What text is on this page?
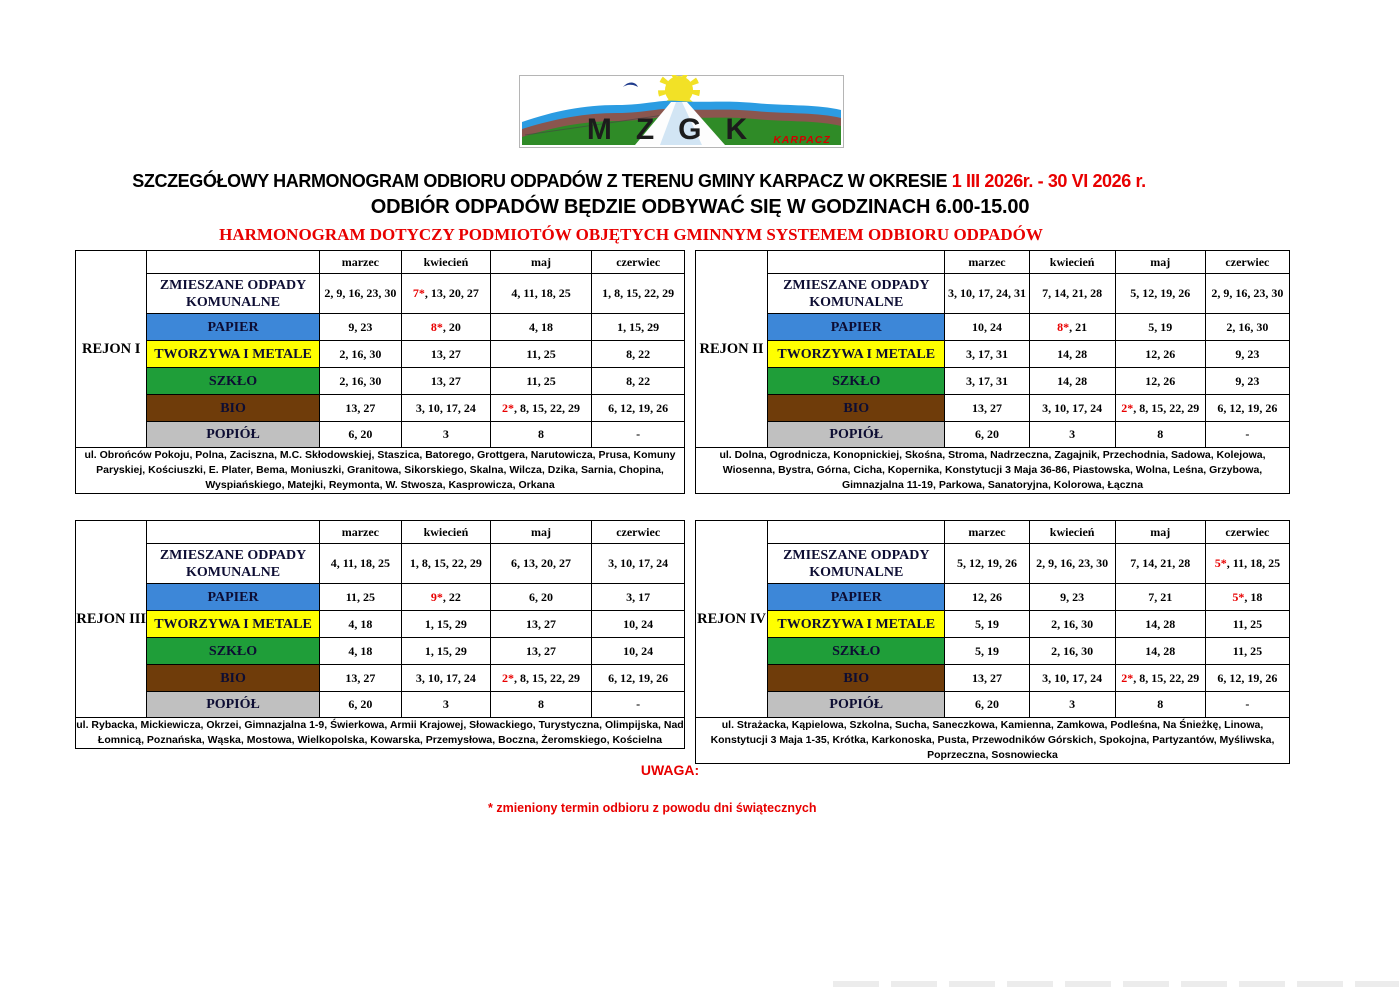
MZGK KARPACZ
SZCZEGÓŁOWY HARMONOGRAM ODBIORU ODPADÓW Z TERENU GMINY KARPACZ W OKRESIE 1 III 2026r. - 30 VI 2026 r.
ODBIÓR ODPADÓW BĘDZIE ODBYWAĆ SIĘ W GODZINACH 6.00-15.00
HARMONOGRAM DOTYCZY PODMIOTÓW OBJĘTYCH GMINNYM SYSTEMEM ODBIORU ODPADÓW
REJON I		marzec	kwiecień	maj	czerwiec
	ZMIESZANE ODPADY KOMUNALNE	2, 9, 16, 23, 30	7*, 13, 20, 27	4, 11, 18, 25	1, 8, 15, 22, 29
	PAPIER	9, 23	8*, 20	4, 18	1, 15, 29
	TWORZYWA I METALE	2, 16, 30	13, 27	11, 25	8, 22
	SZKŁO	2, 16, 30	13, 27	11, 25	8, 22
	BIO	13, 27	3, 10, 17, 24	2*, 8, 15, 22, 29	6, 12, 19, 26
	POPIÓŁ	6, 20	3	8	-
ul. Obrońców Pokoju, Polna, Zaciszna, M.C. Skłodowskiej, Staszica, Batorego, Grottgera, Narutowicza, Prusa, Komuny Paryskiej, Kościuszki, E. Plater, Bema, Moniuszki, Granitowa, Sikorskiego, Skalna, Wilcza, Dzika, Sarnia, Chopina, Wyspiańskiego, Matejki, Reymonta, W. Stwosza, Kasprowicza, Orkana					
REJON II		marzec	kwiecień	maj	czerwiec
	ZMIESZANE ODPADY KOMUNALNE	3, 10, 17, 24, 31	7, 14, 21, 28	5, 12, 19, 26	2, 9, 16, 23, 30
	PAPIER	10, 24	8*, 21	5, 19	2, 16, 30
	TWORZYWA I METALE	3, 17, 31	14, 28	12, 26	9, 23
	SZKŁO	3, 17, 31	14, 28	12, 26	9, 23
	BIO	13, 27	3, 10, 17, 24	2*, 8, 15, 22, 29	6, 12, 19, 26
	POPIÓŁ	6, 20	3	8	-
ul. Dolna, Ogrodnicza, Konopnickiej, Skośna, Stroma, Nadrzeczna, Zagajnik, Przechodnia, Sadowa, Kolejowa, Wiosenna, Bystra, Górna, Cicha, Kopernika, Konstytucji 3 Maja 36-86, Piastowska, Wolna, Leśna, Grzybowa, Gimnazjalna 11-19, Parkowa, Sanatoryjna, Kolorowa, Łączna					
REJON III		marzec	kwiecień	maj	czerwiec
	ZMIESZANE ODPADY KOMUNALNE	4, 11, 18, 25	1, 8, 15, 22, 29	6, 13, 20, 27	3, 10, 17, 24
	PAPIER	11, 25	9*, 22	6, 20	3, 17
	TWORZYWA I METALE	4, 18	1, 15, 29	13, 27	10, 24
	SZKŁO	4, 18	1, 15, 29	13, 27	10, 24
	BIO	13, 27	3, 10, 17, 24	2*, 8, 15, 22, 29	6, 12, 19, 26
	POPIÓŁ	6, 20	3	8	-
ul. Rybacka, Mickiewicza, Okrzei, Gimnazjalna 1-9, Świerkowa, Armii Krajowej, Słowackiego, Turystyczna, Olimpijska, Nad Łomnicą, Poznańska, Wąska, Mostowa, Wielkopolska, Kowarska, Przemysłowa, Boczna, Żeromskiego, Kościelna					
REJON IV		marzec	kwiecień	maj	czerwiec
	ZMIESZANE ODPADY KOMUNALNE	5, 12, 19, 26	2, 9, 16, 23, 30	7, 14, 21, 28	5*, 11, 18, 25
	PAPIER	12, 26	9, 23	7, 21	5*, 18
	TWORZYWA I METALE	5, 19	2, 16, 30	14, 28	11, 25
	SZKŁO	5, 19	2, 16, 30	14, 28	11, 25
	BIO	13, 27	3, 10, 17, 24	2*, 8, 15, 22, 29	6, 12, 19, 26
	POPIÓŁ	6, 20	3	8	-
ul. Strażacka, Kąpielowa, Szkolna, Sucha, Saneczkowa, Kamienna, Zamkowa, Podleśna, Na Śnieżkę, Linowa, Konstytucji 3 Maja 1-35, Krótka, Karkonoska, Pusta, Przewodników Górskich, Spokojna, Partyzantów, Myśliwska, Poprzeczna, Sosnowiecka					
UWAGA:
* zmieniony termin odbioru z powodu dni świątecznych
